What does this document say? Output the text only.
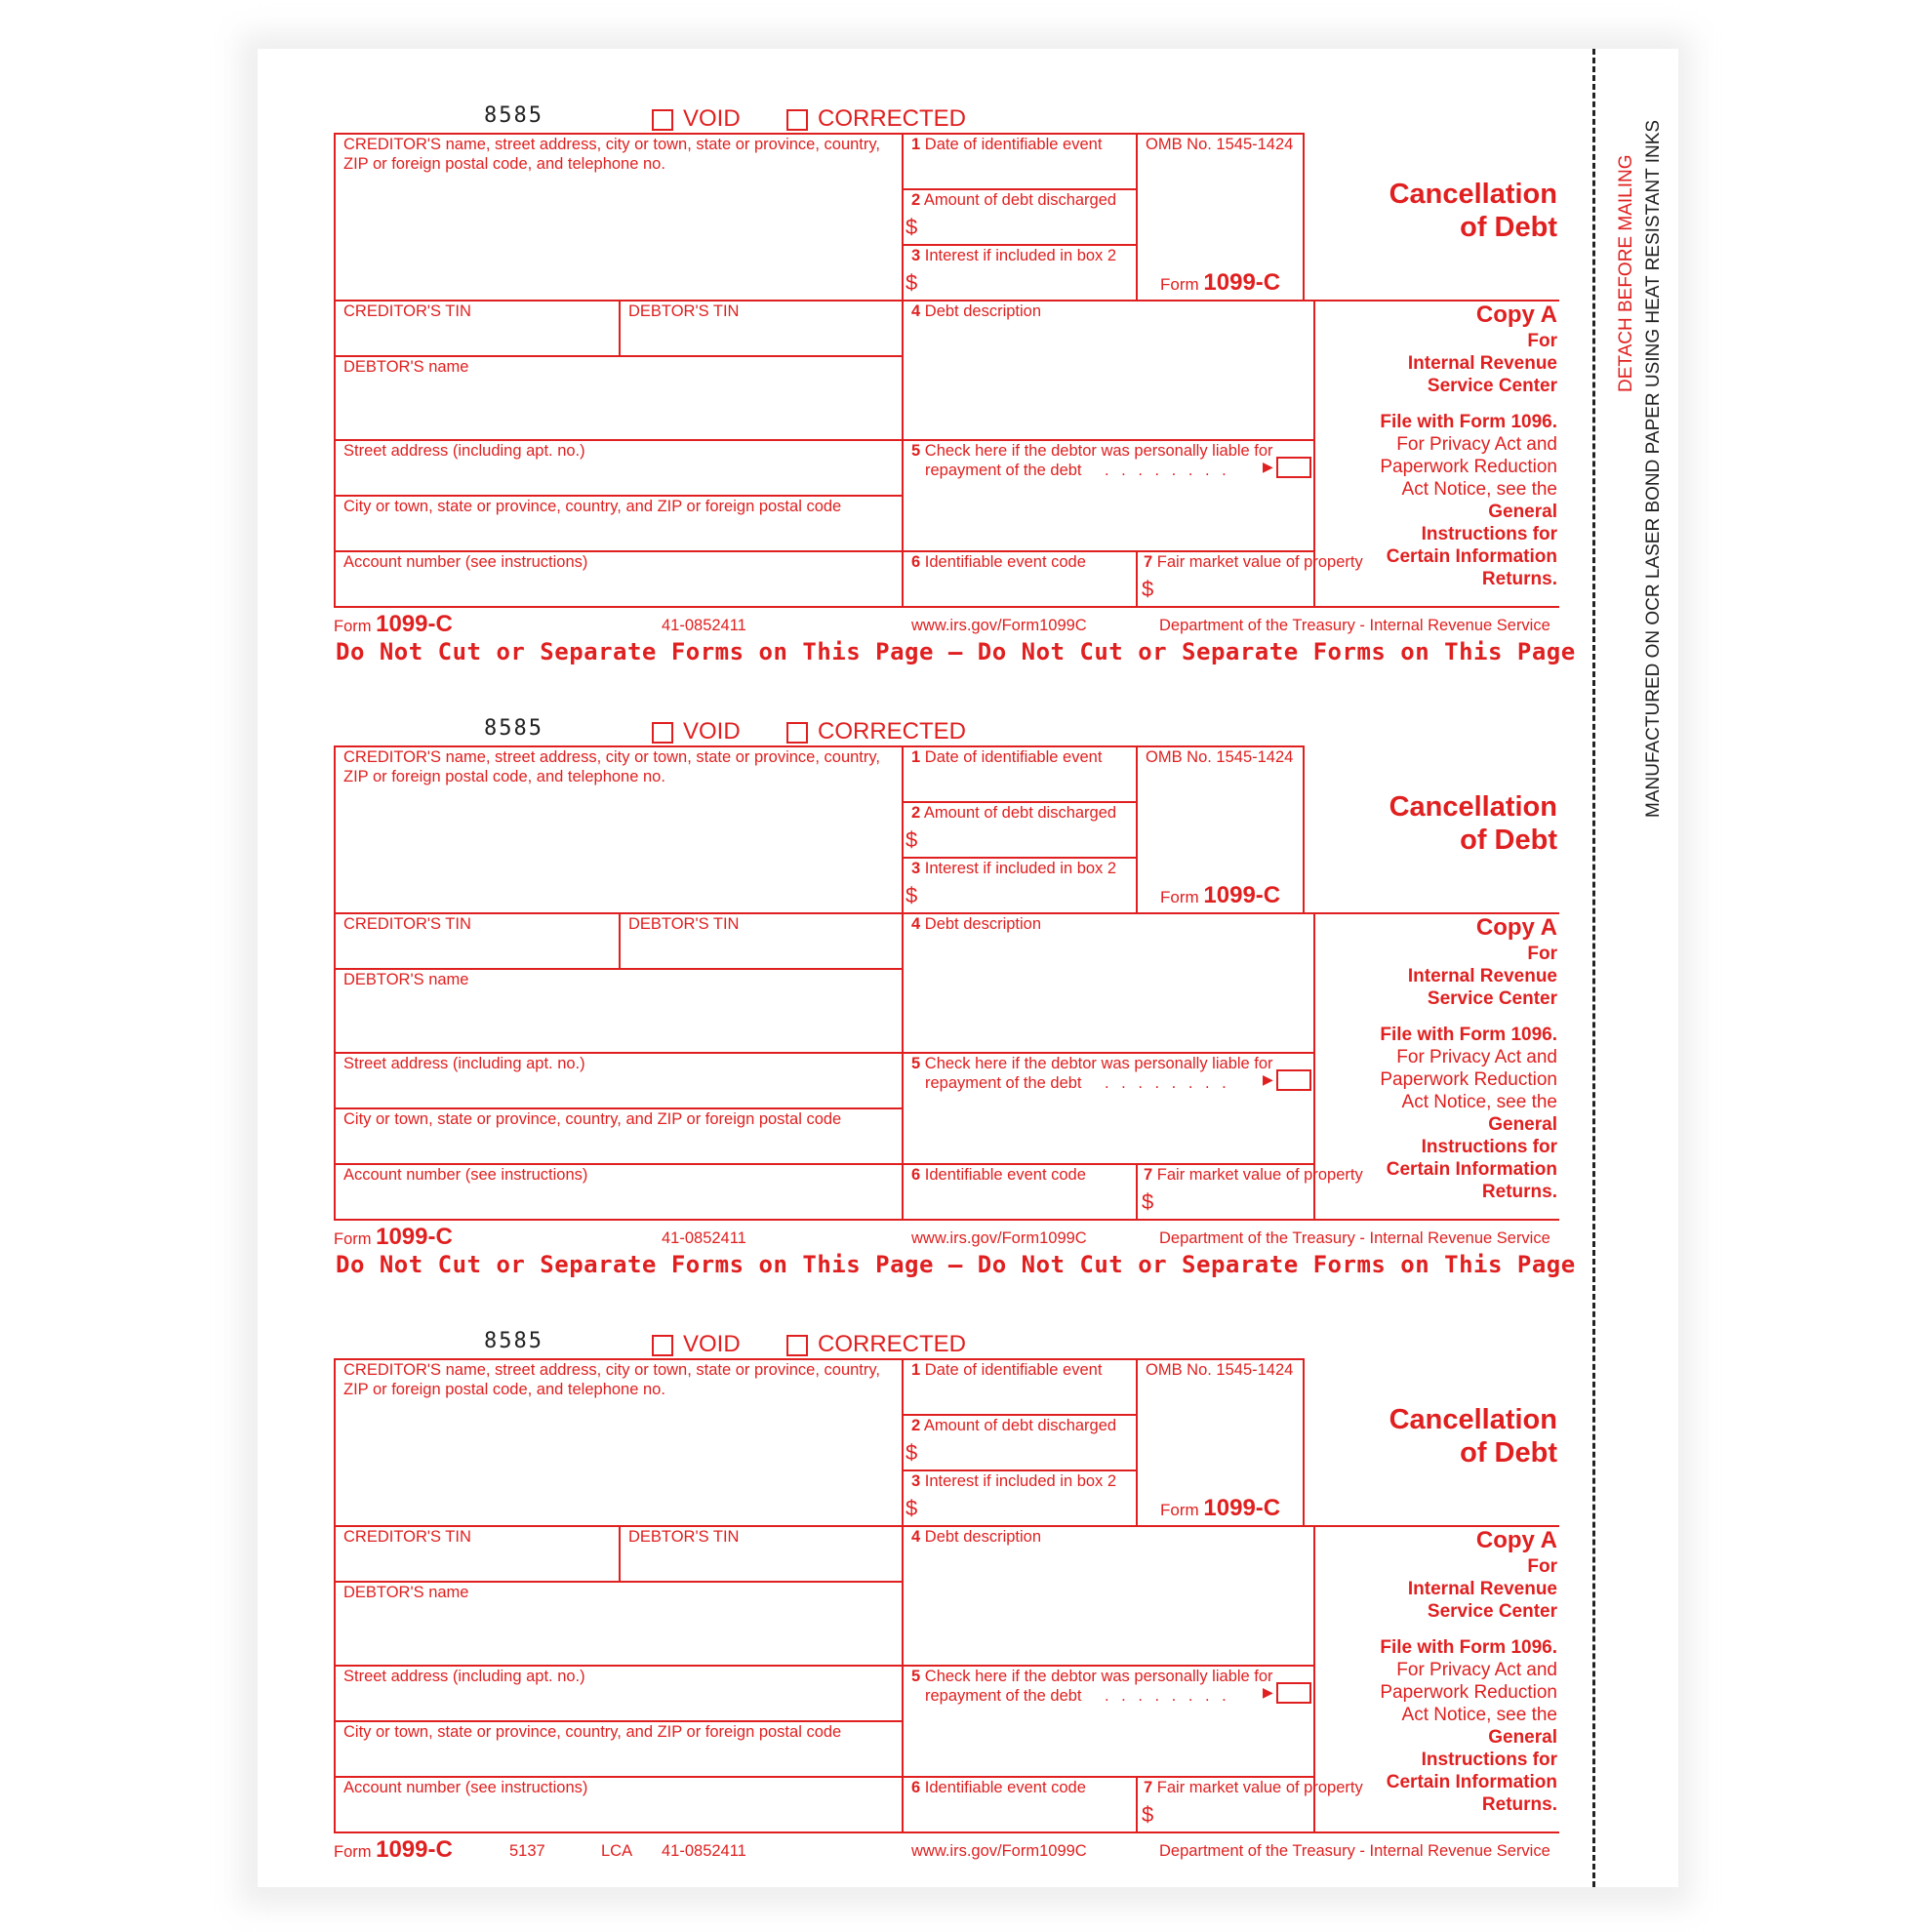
8585	VOID	CORRECTED
CREDITOR'S name, street address, city or town, state or province, country,
ZIP or foreign postal code, and telephone no.
1 Date of identifiable event
2 Amount of debt discharged
$
3 Interest if included in box 2
$
OMB No. 1545-1424
Form 1099-C
Cancellation
of Debt
CREDITOR'S TIN	DEBTOR'S TIN	4 Debt description
DEBTOR'S name
Street address (including apt. no.)
City or town, state or province, country, and ZIP or foreign postal code
Account number (see instructions)
5 Check here if the debtor was personally liable for
repayment of the debt . . . . . . . . ▶
6 Identifiable event code	7 Fair market value of property
$
Copy A
For
Internal Revenue
Service Center
File with Form 1096.
For Privacy Act and
Paperwork Reduction
Act Notice, see the
General
Instructions for
Certain Information
Returns.
Form 1099-C	41-0852411	www.irs.gov/Form1099C	Department of the Treasury - Internal Revenue Service
Do Not Cut or Separate Forms on This Page — Do Not Cut or Separate Forms on This Page
8585	VOID	CORRECTED
CREDITOR'S name, street address, city or town, state or province, country,
ZIP or foreign postal code, and telephone no.
1 Date of identifiable event
2 Amount of debt discharged
$
3 Interest if included in box 2
$
OMB No. 1545-1424
Form 1099-C
Cancellation
of Debt
CREDITOR'S TIN	DEBTOR'S TIN	4 Debt description
DEBTOR'S name
Street address (including apt. no.)
City or town, state or province, country, and ZIP or foreign postal code
Account number (see instructions)
5 Check here if the debtor was personally liable for
repayment of the debt . . . . . . . . ▶
6 Identifiable event code	7 Fair market value of property
$
Copy A
For
Internal Revenue
Service Center
File with Form 1096.
For Privacy Act and
Paperwork Reduction
Act Notice, see the
General
Instructions for
Certain Information
Returns.
Form 1099-C	41-0852411	www.irs.gov/Form1099C	Department of the Treasury - Internal Revenue Service
Do Not Cut or Separate Forms on This Page — Do Not Cut or Separate Forms on This Page
8585	VOID	CORRECTED
CREDITOR'S name, street address, city or town, state or province, country,
ZIP or foreign postal code, and telephone no.
1 Date of identifiable event
2 Amount of debt discharged
$
3 Interest if included in box 2
$
OMB No. 1545-1424
Form 1099-C
Cancellation
of Debt
CREDITOR'S TIN	DEBTOR'S TIN	4 Debt description
DEBTOR'S name
Street address (including apt. no.)
City or town, state or province, country, and ZIP or foreign postal code
Account number (see instructions)
5 Check here if the debtor was personally liable for
repayment of the debt . . . . . . . . ▶
6 Identifiable event code	7 Fair market value of property
$
Copy A
For
Internal Revenue
Service Center
File with Form 1096.
For Privacy Act and
Paperwork Reduction
Act Notice, see the
General
Instructions for
Certain Information
Returns.
Form 1099-C	5137	LCA 41-0852411	www.irs.gov/Form1099C	Department of the Treasury - Internal Revenue Service
DETACH BEFORE MAILING MANUFACTURED ON OCR LASER BOND PAPER USING HEAT RESISTANT INKS
